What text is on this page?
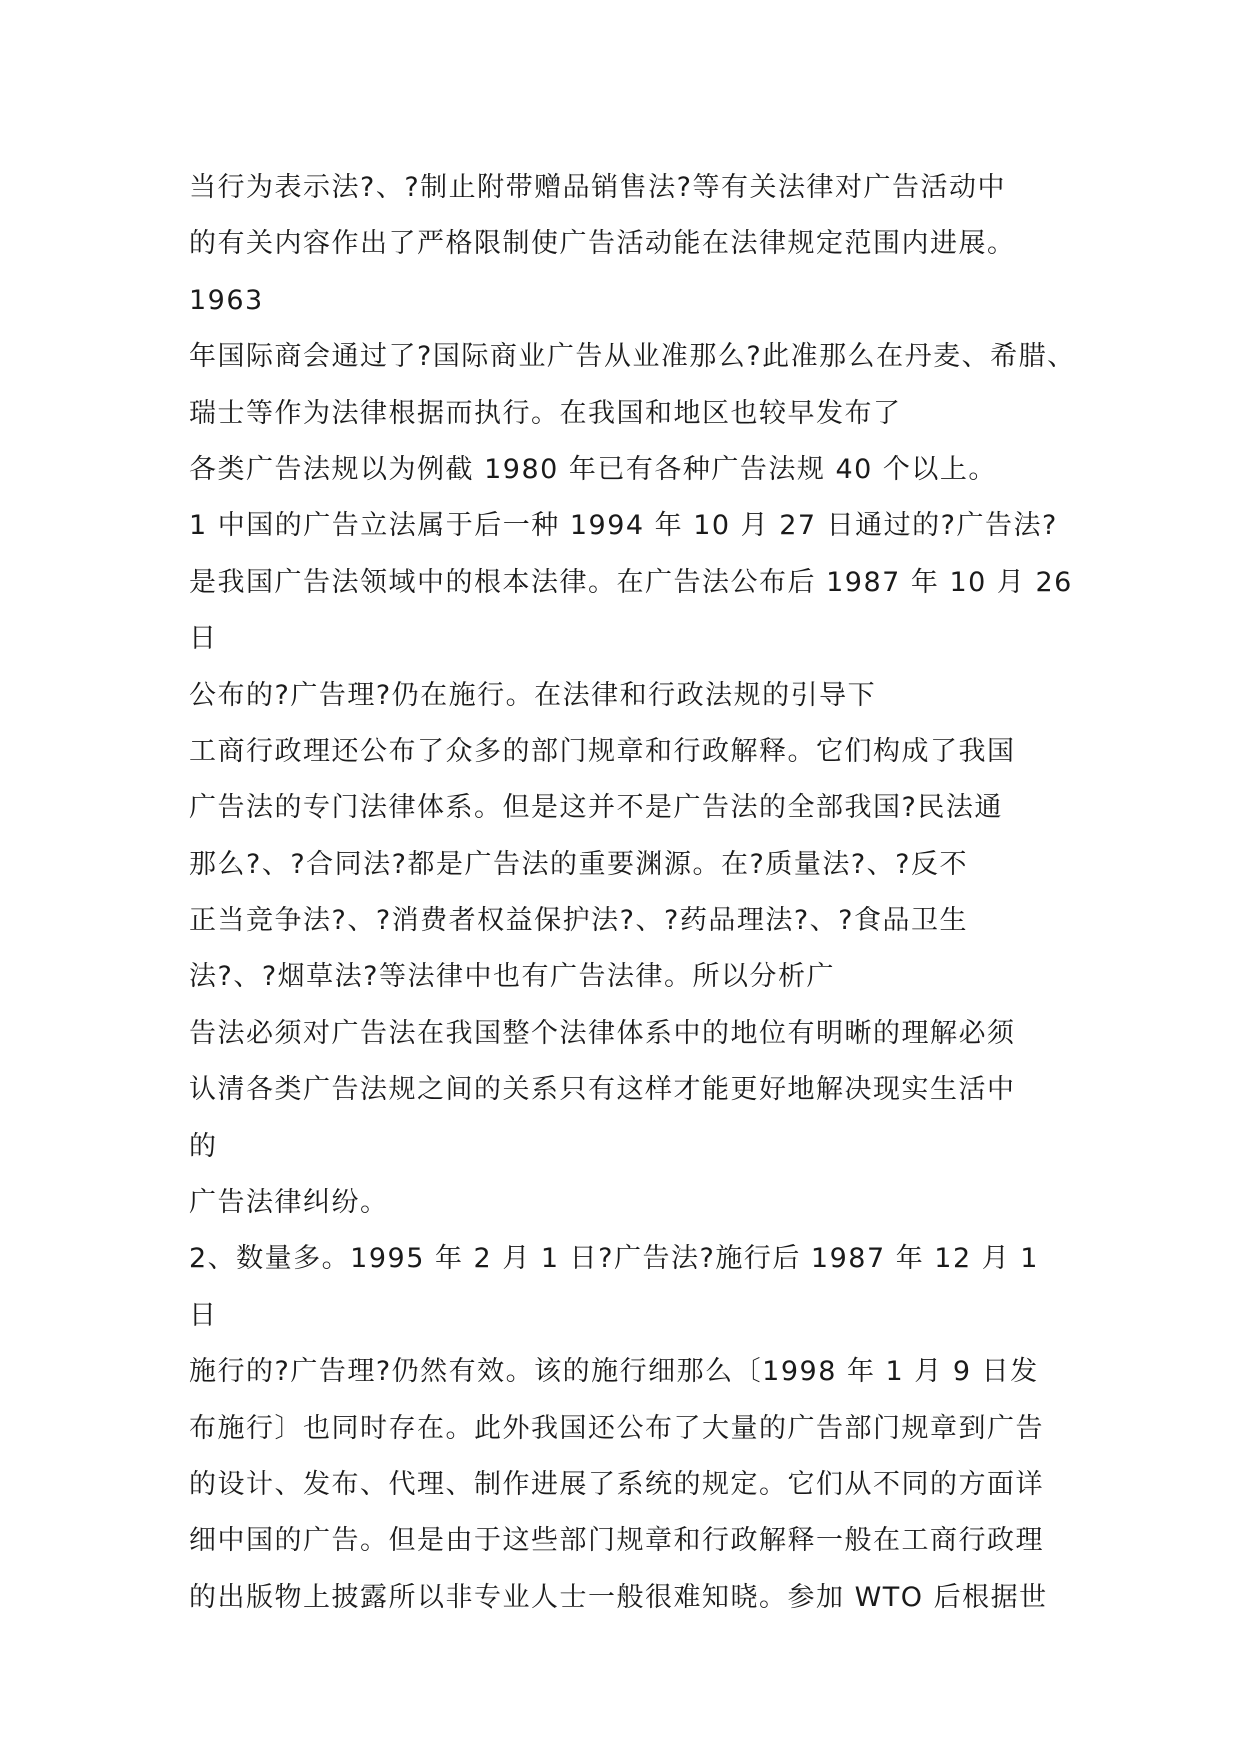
当行为表示法?、?制止附带赠品销售法?等有关法律对广告活动中
的有关内容作出了严格限制使广告活动能在法律规定范围内进展。
1963
年国际商会通过了?国际商业广告从业准那么?此准那么在丹麦、希腊、
瑞士等作为法律根据而执行。在我国和地区也较早发布了
各类广告法规以为例截 1980 年已有各种广告法规 40 个以上。
1 中国的广告立法属于后一种 1994 年 10 月 27 日通过的?广告法?
是我国广告法领域中的根本法律。在广告法公布后 1987 年 10 月 26
日
公布的?广告理?仍在施行。在法律和行政法规的引导下
工商行政理还公布了众多的部门规章和行政解释。它们构成了我国
广告法的专门法律体系。但是这并不是广告法的全部我国?民法通
那么?、?合同法?都是广告法的重要渊源。在?质量法?、?反不
正当竞争法?、?消费者权益保护法?、?药品理法?、?食品卫生
法?、?烟草法?等法律中也有广告法律。所以分析广
告法必须对广告法在我国整个法律体系中的地位有明晰的理解必须
认清各类广告法规之间的关系只有这样才能更好地解决现实生活中
的
广告法律纠纷。
2、数量多。1995 年 2 月 1 日?广告法?施行后 1987 年 12 月 1
日
施行的?广告理?仍然有效。该的施行细那么〔1998 年 1 月 9 日发
布施行〕也同时存在。此外我国还公布了大量的广告部门规章到广告
的设计、发布、代理、制作进展了系统的规定。它们从不同的方面详
细中国的广告。但是由于这些部门规章和行政解释一般在工商行政理
的出版物上披露所以非专业人士一般很难知晓。参加 WTO 后根据世
